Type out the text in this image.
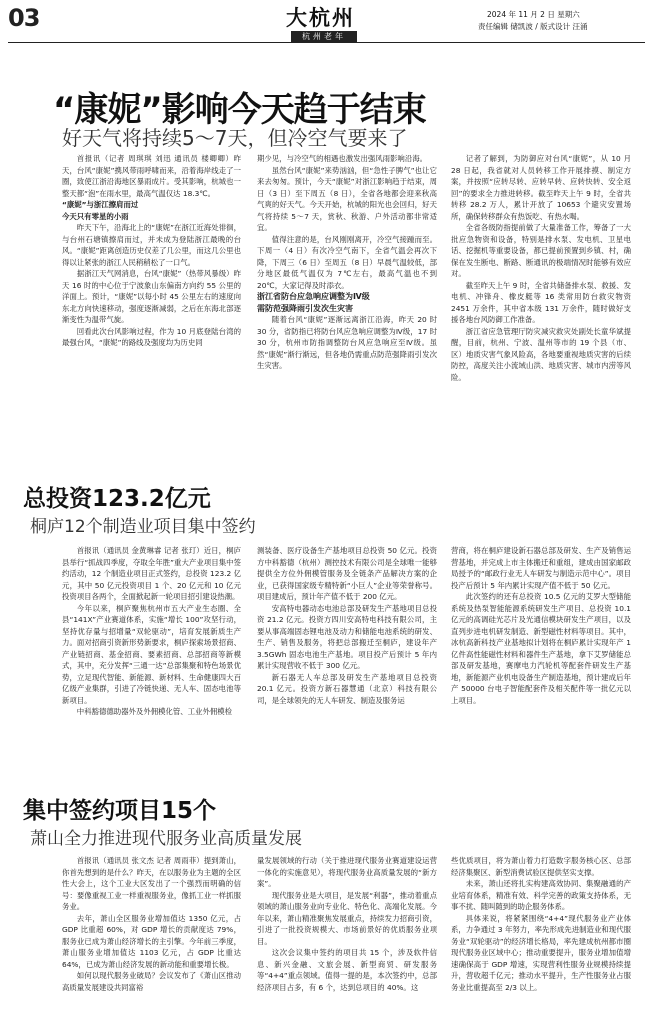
03	大杭州
杭州老年
2024 年 11 月 2 日 星期六
责任编辑 储凯波 / 版式设计 汪涌
“康妮”影响今天趋于结束
好天气将持续5～7天，但冷空气要来了

首报讯（记者 周琪琪 刘迅 通讯员 楼卿卿）昨天，台风“康妮”携风带雨呼啸而来，沿着海岸线走了一圈，致使江浙沿海地区暴雨成片。受其影响，杭城也一整天都“泡”在雨水里，最高气温仅达 18.3℃。

“康妮”与浙江擦肩而过

今天只有零星的小雨

昨天下午，沿海北上的“康妮”在浙江近海处徘徊，与台州石塘镇擦肩而过，并未成为登陆浙江最晚的台风。“康妮”距离创造历史仅差了几公里，而这几公里也得以让紧张的浙江人民稍稍松了一口气。

据浙江天气网消息，台风“康妮”（热带风暴级）昨天 16 时的中心位于宁波象山东偏南方向约 55 公里的洋面上。预计，“康妮”以每小时 45 公里左右的速度向东北方向快速移动，强度逐渐减弱，之后在东海北部逐渐变性为温带气旋。

回看此次台风影响过程，作为 10 月底登陆台湾的最强台风，“康妮”的路线及强度均为历史同

期少见，与冷空气的相遇也激发出强风雨影响沿海。

虽然台风“康妮”来势汹汹，但“急性子脾气”也让它来去匆匆。预计，今天“康妮”对浙江影响趋于结束，周日（3 日）至下周五（8 日），全省各地都会迎来秋高气爽的好天气。今天开始，杭城的阳光也会回归，好天气将持续 5～7 天，赏秋、秋游、户外活动都非常适宜。

值得注意的是，台风刚刚离开，冷空气接踵而至。下周一（4 日）有次冷空气南下，全省气温会再次下降，下周三（6 日）至周五（8 日）早晨气温较低，部分地区最低气温仅为 7℃左右，最高气温也不到 20℃，大家记得及时添衣。

浙江省防台应急响应调整为Ⅳ级

需防范强降雨引发次生灾害

随着台风“康妮”逐渐远离浙江沿海，昨天 20 时 30 分，省防指已将防台风应急响应调整为Ⅳ级，17 时 30 分，杭州市防指调整防台风应急响应至Ⅳ级。虽然“康妮”渐行渐远，但各地仍需重点防范强降雨引发次生灾害。

记者了解到，为防御应对台风“康妮”，从 10 月 28 日起，我省就对人员转移工作开展排摸、制定方案，并按照“应转尽转、应转早转、应转快转、安全返回”的要求全力推进转移。截至昨天上午 9 时，全省共转移 28.2 万人，累计开放了 10653 个避灾安置场所，确保转移群众有热饭吃、有热水喝。

全省各级防指提前做了大量准备工作，筹备了一大批应急物资和设备，特别是排水泵、发电机、卫星电话、挖掘机等重要设备，都已提前预置到乡镇、村，确保在发生断电、断路、断通讯的极端情况时能够有效应对。

截至昨天上午 9 时，全省共储备排水泵、救援、发电机、冲锋舟、橡皮艇等 16 类常用防台救灾物资 2451 万余件，其中省本级 131 万余件，随时做好支援各地台风防御工作准备。

浙江省应急管理厅防灾减灾救灾处副处长童华斌提醒，目前，杭州、宁波、温州等市的 19 个县（市、区）地质灾害气象风险高，各地要重视地质灾害的后续防控，高度关注小流域山洪、地质灾害、城市内涝等风险。

总投资123.2亿元
桐庐12个制造业项目集中签约

首报讯（通讯员 金黄琳睿 记者 张玎）近日，桐庐县举行“抓战四季度，夺取全年胜”重大产业项目集中签约活动，12 个制造业项目正式签约，总投资 123.2 亿元，其中 50 亿元投资项目 1 个、20 亿元和 10 亿元投资项目各两个，全面掀起新一轮项目招引建设热潮。

今年以来，桐庐聚焦杭州市五大产业生态圈、全县“141X”产业赛道体系，实施“增长 100”攻坚行动，坚持优存量与招增量“双轮驱动”，培育发展新质生产力。面对招商引资新形势新要求，桐庐探索场景招商、产业链招商、基金招商、要素招商、总部招商等新模式，其中，充分发挥“三通一达”总部集聚和特色场景优势，立足现代智能、新能源、新材料、生命健康四大百亿级产业集群，引进了冷链快递、无人车、固态电池等新项目。

中科豁德德助器外及外佣模化管、工业外佣模检

测装备、医疗设备生产基地项目总投资 50 亿元。投资方中科豁德（杭州）测控技术有限公司是全球唯一能够提供全方位外佣模管服务及全链条产品解决方案的企业，已获得国家级专精特新“小巨人”企业等荣誉称号。项目建成后，预计年产值不低于 200 亿元。

安高特电器动态电池总部及研发生产基地项目总投资 21.2 亿元。投资方四川安高特电科技有限公司，主要从事高端固态锂电池及动力和储能电池系统的研发、生产、销售及服务，将把总部搬迁至桐庐，建设年产 3.5GWh 固态电池生产基地。项目投产后预计 5 年内累计实现营收不低于 300 亿元。

新石器无人车总部及研发生产基地项目总投资 20.1 亿元。投资方新石器慧通（北京）科技有限公司，是全球领先的无人车研发、制造及服务运

营商，将在桐庐建设新石器总部及研发、生产及销售运营基地，并完成上市主体搬迁和重组，建成由国家邮政局授予的“邮政行业无人车研发与制造示范中心”。项目投产后预计 5 年内累计实现产值不低于 50 亿元。

此次签约的还有总投资 10.5 亿元的艾罗大型储能系统及热泵智能能源系统研发生产项目、总投资 10.1 亿元的高调硅光芯片及光通信模块研发生产项目，以及直列步进电机研发制造、新型磁性材料等项目。其中，冰杭高新科技产业基地拟计划将在桐庐累计实现年产 1 亿件高性能磁性材料和器件生产基地，拿下艾罗储能总部及研发基地，赛摩电力汽轮机等配套件研发生产基地，新能源产业机电设备生产制造基地，预计建成后年产 50000 台电子智能配套件及相关配件等一批亿元以上项目。

集中签约项目15个
萧山全力推进现代服务业高质量发展

首报讯（通讯员 张文杰 记者 周雨菲）提到萧山，你首先想到的是什么？昨天，在以服务业为主题的全区性大会上，这个工业大区发出了一个强烈而明确的信号：要像重视工业一样重视服务业，像抓工业一样抓服务业。

去年，萧山全区服务业增加值达 1350 亿元，占 GDP 比重超 60%，对 GDP 增长的贡献度达 79%，服务业已成为萧山经济增长的主引擎。今年前三季度，萧山服务业增加值达 1103 亿元，占 GDP 比重达 64%，已成为萧山经济发展的新动能和重要增长极。

如何以现代服务业破局？会议发布了《萧山区推动高质量发展建设共同富裕

量发展领域的行动（关于推进现代服务业赛道建设运营一体化的实施意见），将现代服务业高质量发展的“新方案”。

现代服务业是大项目，是发展“利器”，推动着重点领域的萧山服务业向专业化、特色化、高端化发展。今年以来，萧山精准聚焦发展重点，持续发力招商引资，引进了一批投资规模大、市场前景好的优质服务业项目。

这次会议集中签约的项目共 15 个，涉及软件信息、新兴金融、文旅会展、新型商贸、研发服务等“4+4”重点领域。值得一提的是，本次签约中，总部经济项目占多，有 6 个，达到总项目的 40%。这

些优质项目，将为萧山着力打造数字服务核心区、总部经济集聚区、新型消费试验区提供坚实支撑。

未来，萧山还将扎实构建高效协同、集聚融通的产业培育体系，精准有效、科学完善的政策支持体系，无事不扰、随叫随到的助企服务体系。

具体来说，将紧紧围绕“4+4”现代服务业产业体系，力争通过 3 年努力，率先形成先进制造业和现代服务业“双轮驱动”的经济增长格局，率先建成杭州都市圈现代服务业区域中心；推动重要提升，服务业增加值增速确保高于 GDP 增速，实现营利性服务业规模持续提升，营收超千亿元；推动水平提升，生产性服务业占服务业比重提高至 2/3 以上。
